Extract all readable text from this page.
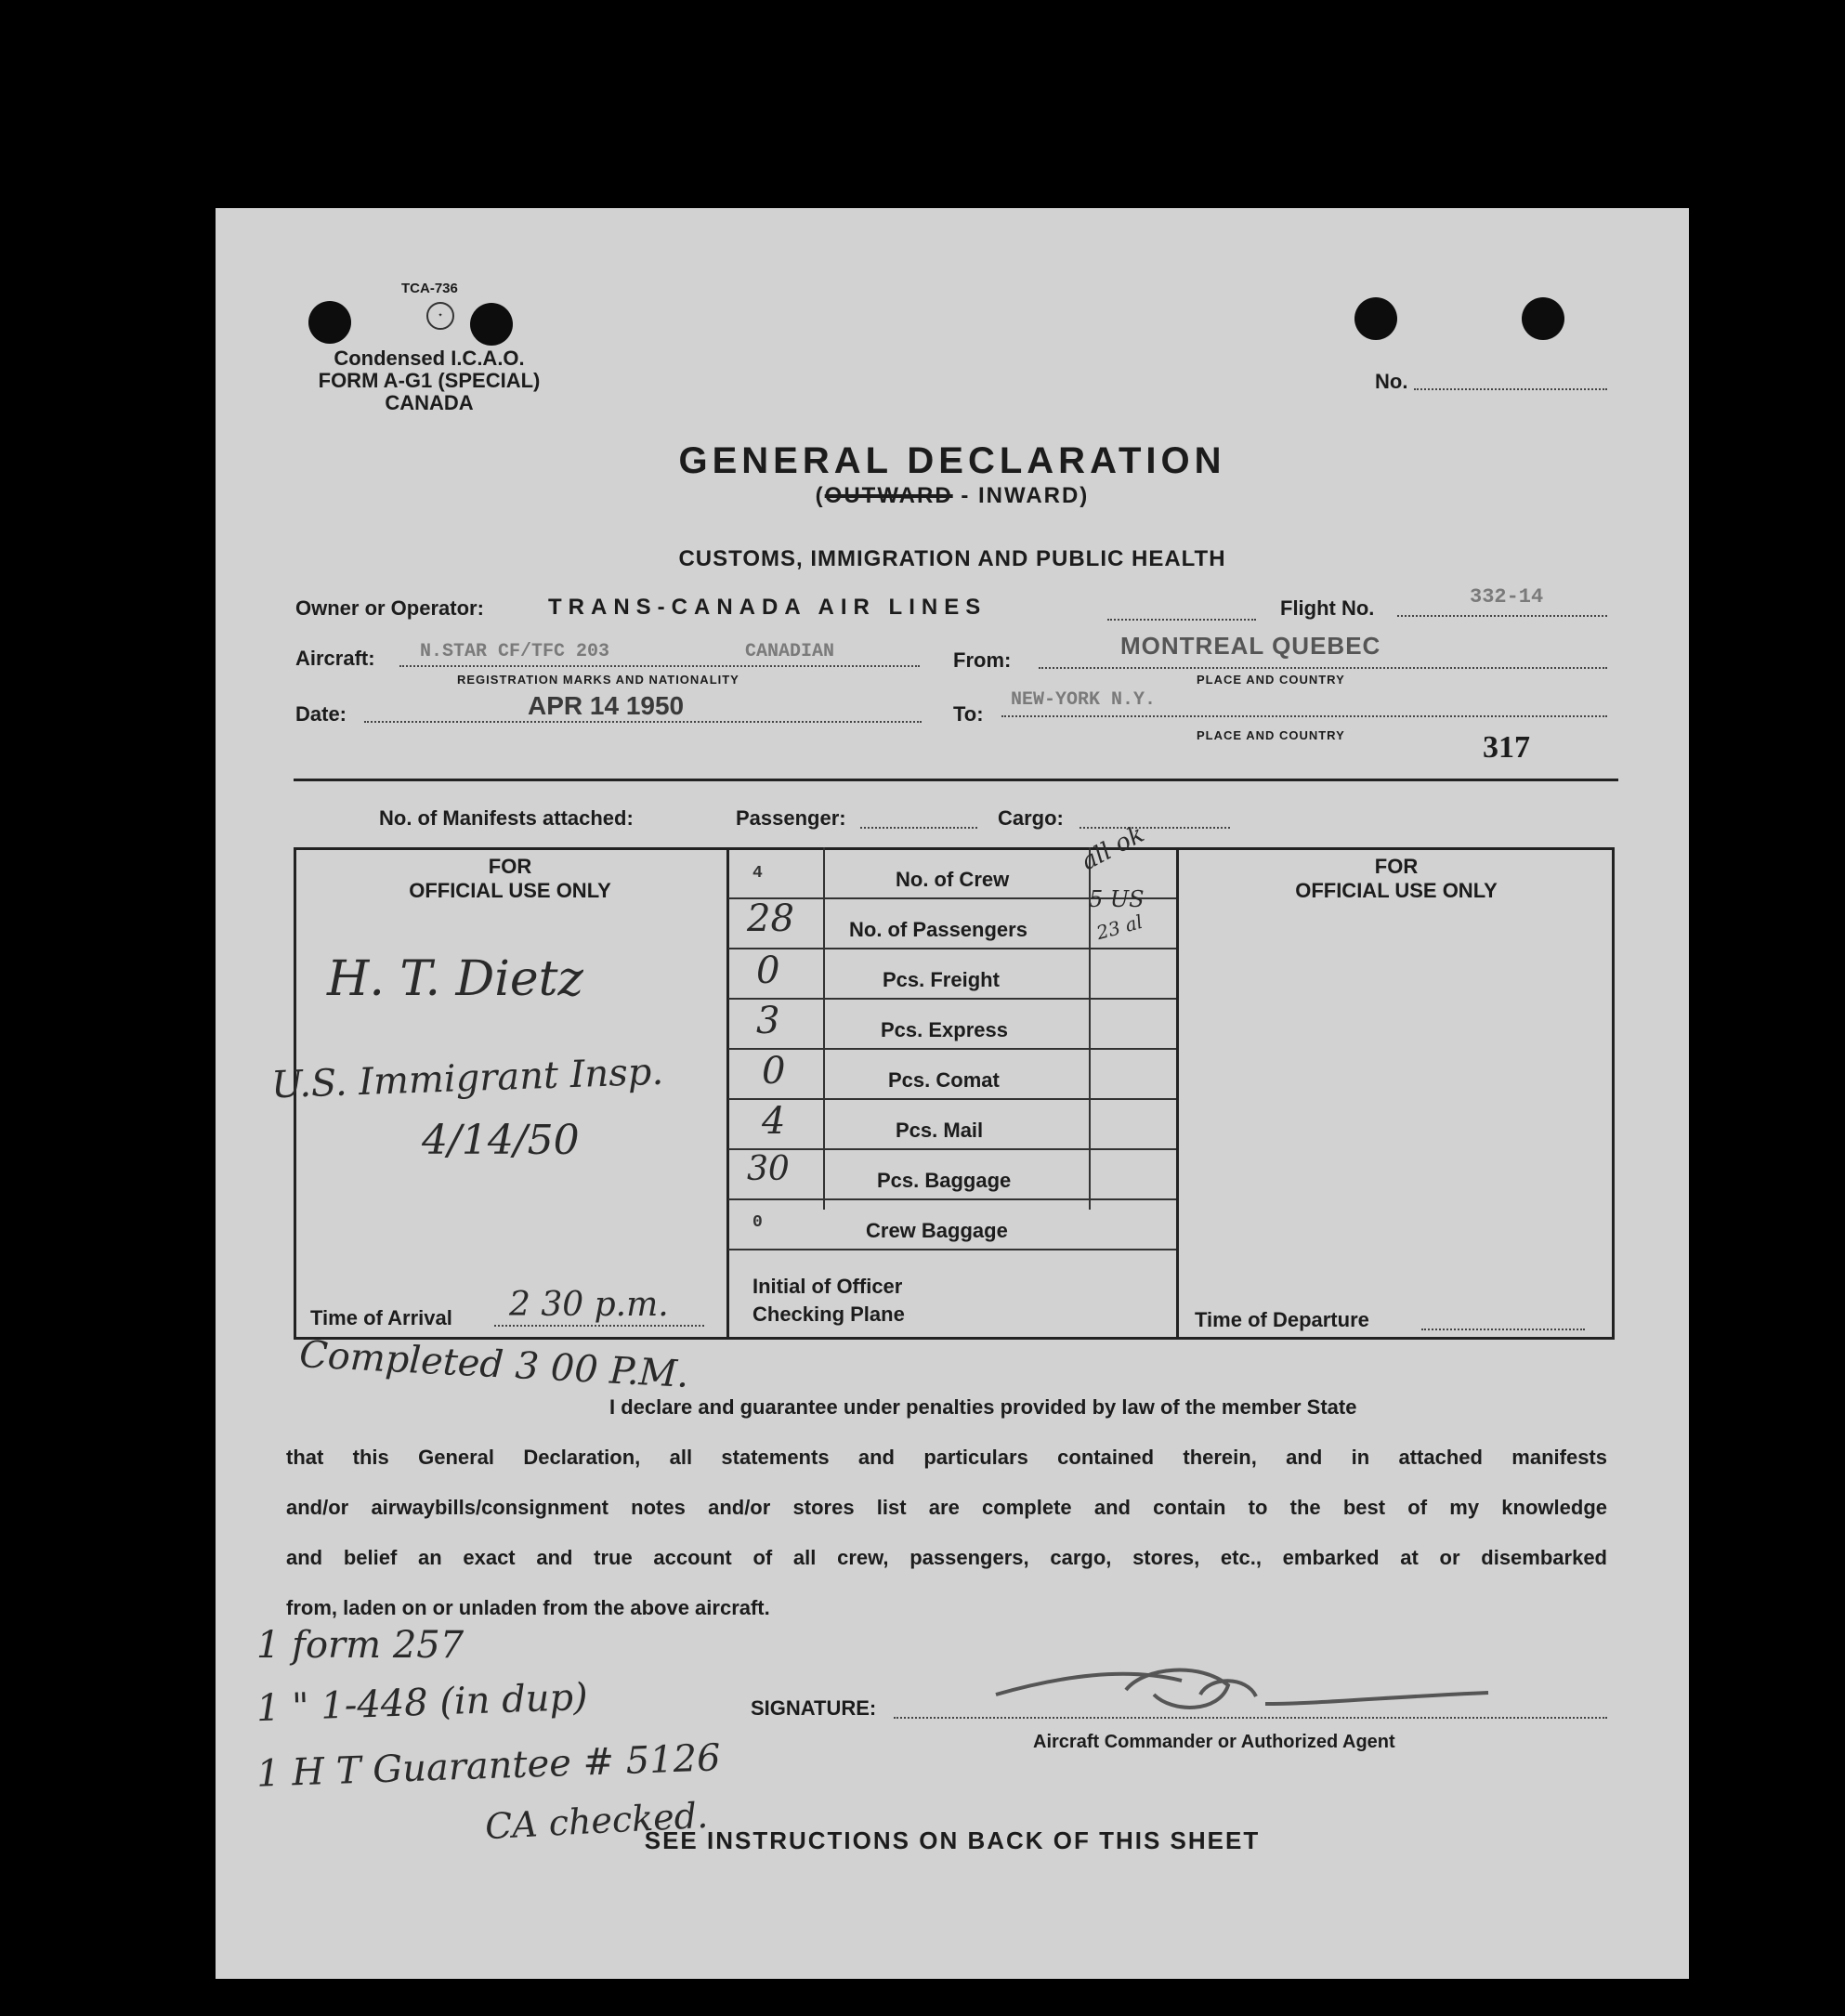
TCA-736
✦
Condensed I.C.A.O.
FORM A-G1 (SPECIAL)
CANADA
No.
GENERAL DECLARATION
(OUTWARD - INWARD)
CUSTOMS, IMMIGRATION AND PUBLIC HEALTH
Owner or Operator:	TRANS-CANADA AIR LINES	Flight No.	332-14
Aircraft: N.STAR CF/TFC 203	CANADIAN
REGISTRATION MARKS AND NATIONALITY
From:
MONTREAL QUEBEC
PLACE AND COUNTRY
Date:	APR 14 1950	To:
NEW-YORK N.Y.
PLACE AND COUNTRY	317
No. of Manifests attached:	Passenger:	Cargo:
FOR
OFFICIAL USE ONLY
H. T. Dietz
U.S. Immigrant Insp.
4/14/50
Time of Arrival 2 30 p.m.
4	No. of Crew
28	No. of Passengers
0	Pcs. Freight
3	Pcs. Express
0	Pcs. Comat
4	Pcs. Mail
30	Pcs. Baggage
0	Crew Baggage
all ok
5 US
23 al
Initial of Officer
Checking Plane
FOR
OFFICIAL USE ONLY
Time of Departure
Completed 3 00 P.M.
I declare and guarantee under penalties provided by law of the member State
that this General Declaration, all statements and particulars contained therein, and in attached manifests
and/or airwaybills/consignment notes and/or stores list are complete and contain to the best of my knowledge
and belief an exact and true account of all crew, passengers, cargo, stores, etc., embarked at or disembarked
from, laden on or unladen from the above aircraft.
1 form 257
1 " 1-448 (in dup)
1 H T Guarantee # 5126
CA checked.
SIGNATURE:
Aircraft Commander or Authorized Agent
SEE INSTRUCTIONS ON BACK OF THIS SHEET
